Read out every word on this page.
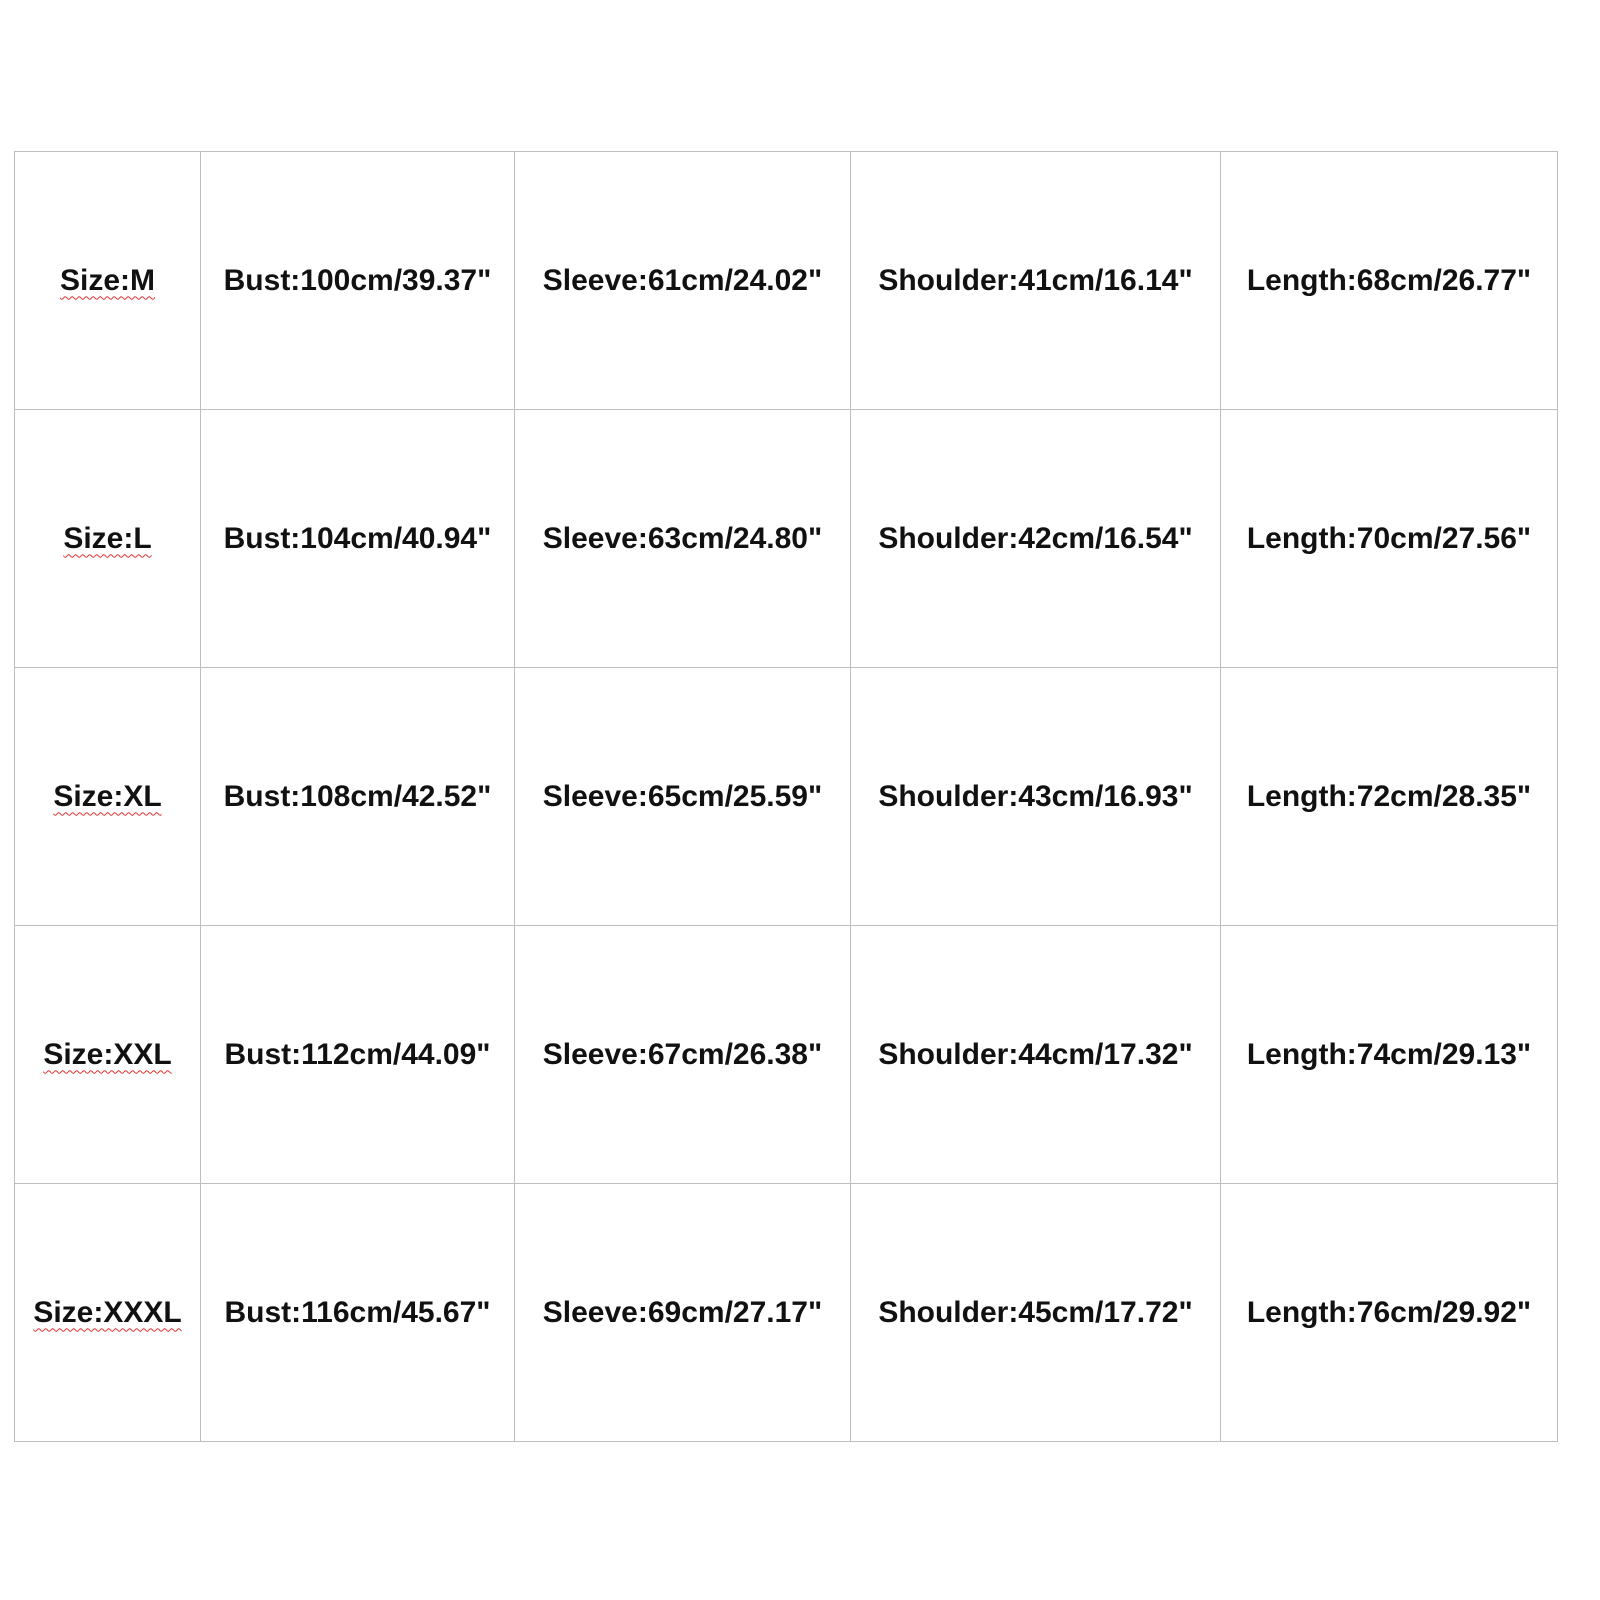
Size:M	Bust:100cm/39.37"	Sleeve:61cm/24.02"	Shoulder:41cm/16.14"	Length:68cm/26.77"
Size:L	Bust:104cm/40.94"	Sleeve:63cm/24.80"	Shoulder:42cm/16.54"	Length:70cm/27.56"
Size:XL	Bust:108cm/42.52"	Sleeve:65cm/25.59"	Shoulder:43cm/16.93"	Length:72cm/28.35"
Size:XXL	Bust:112cm/44.09"	Sleeve:67cm/26.38"	Shoulder:44cm/17.32"	Length:74cm/29.13"
Size:XXXL	Bust:116cm/45.67"	Sleeve:69cm/27.17"	Shoulder:45cm/17.72"	Length:76cm/29.92"
